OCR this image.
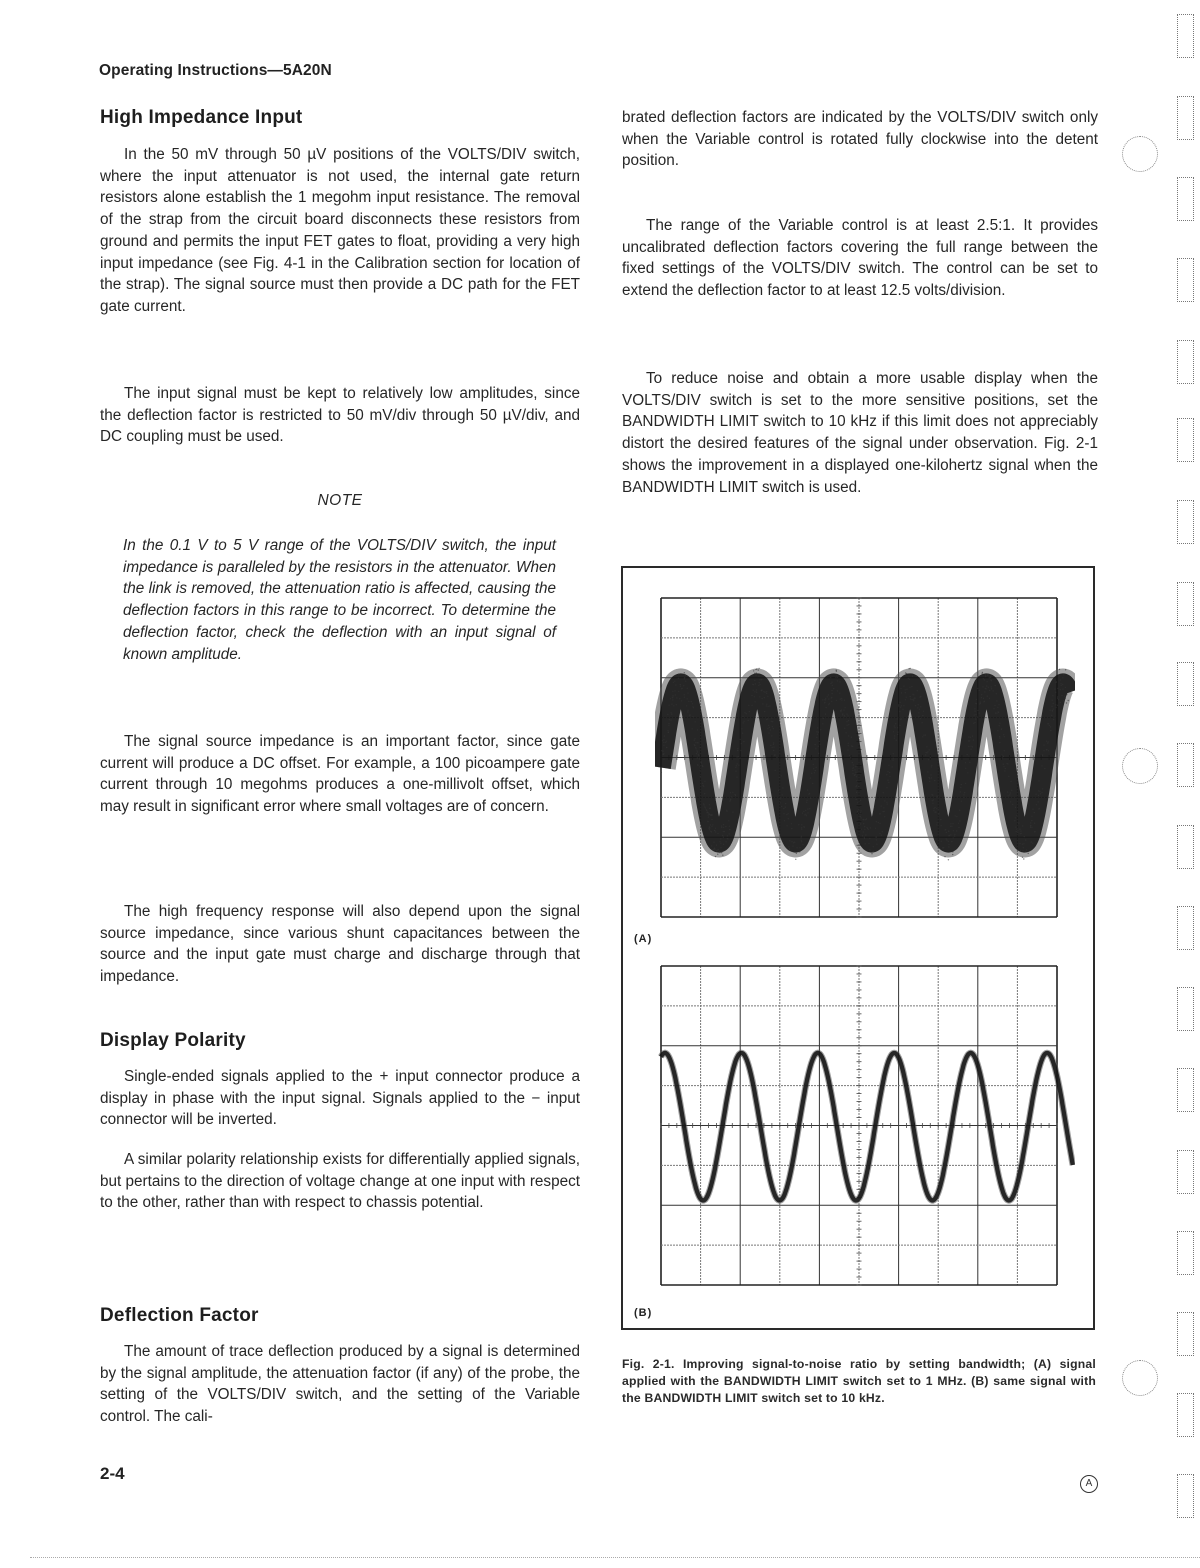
Operating Instructions—5A20N
High Impedance Input
In the 50 mV through 50 µV positions of the VOLTS/DIV switch, where the input attenuator is not used, the internal gate return resistors alone establish the 1 megohm input resistance. The removal of the strap from the circuit board disconnects these resistors from ground and permits the input FET gates to float, providing a very high input impedance (see Fig. 4-1 in the Calibration section for location of the strap). The signal source must then provide a DC path for the FET gate current.
The input signal must be kept to relatively low amplitudes, since the deflection factor is restricted to 50 mV/div through 50 µV/div, and DC coupling must be used.
NOTE
In the 0.1 V to 5 V range of the VOLTS/DIV switch, the input impedance is paralleled by the resistors in the attenuator. When the link is removed, the attenuation ratio is affected, causing the deflection factors in this range to be incorrect. To determine the deflection factor, check the deflection with an input signal of known amplitude.
The signal source impedance is an important factor, since gate current will produce a DC offset. For example, a 100 picoampere gate current through 10 megohms produces a one-millivolt offset, which may result in significant error where small voltages are of concern.
The high frequency response will also depend upon the signal source impedance, since various shunt capacitances between the source and the input gate must charge and discharge through that impedance.
Display Polarity
Single-ended signals applied to the + input connector produce a display in phase with the input signal. Signals applied to the − input connector will be inverted.
A similar polarity relationship exists for differentially applied signals, but pertains to the direction of voltage change at one input with respect to the other, rather than with respect to chassis potential.
Deflection Factor
The amount of trace deflection produced by a signal is determined by the signal amplitude, the attenuation factor (if any) of the probe, the setting of the VOLTS/DIV switch, and the setting of the Variable control. The cali-
brated deflection factors are indicated by the VOLTS/DIV switch only when the Variable control is rotated fully clockwise into the detent position.
The range of the Variable control is at least 2.5:1. It provides uncalibrated deflection factors covering the full range between the fixed settings of the VOLTS/DIV switch. The control can be set to extend the deflection factor to at least 12.5 volts/division.
To reduce noise and obtain a more usable display when the VOLTS/DIV switch is set to the more sensitive positions, set the BANDWIDTH LIMIT switch to 10 kHz if this limit does not appreciably distort the desired features of the signal under observation. Fig. 2-1 shows the improvement in a displayed one-kilohertz signal when the BANDWIDTH LIMIT switch is used.
(A)
(B)
Fig. 2-1. Improving signal-to-noise ratio by setting bandwidth; (A) signal applied with the BANDWIDTH LIMIT switch set to 1 MHz. (B) same signal with the BANDWIDTH LIMIT switch set to 10 kHz.
2-4
A
